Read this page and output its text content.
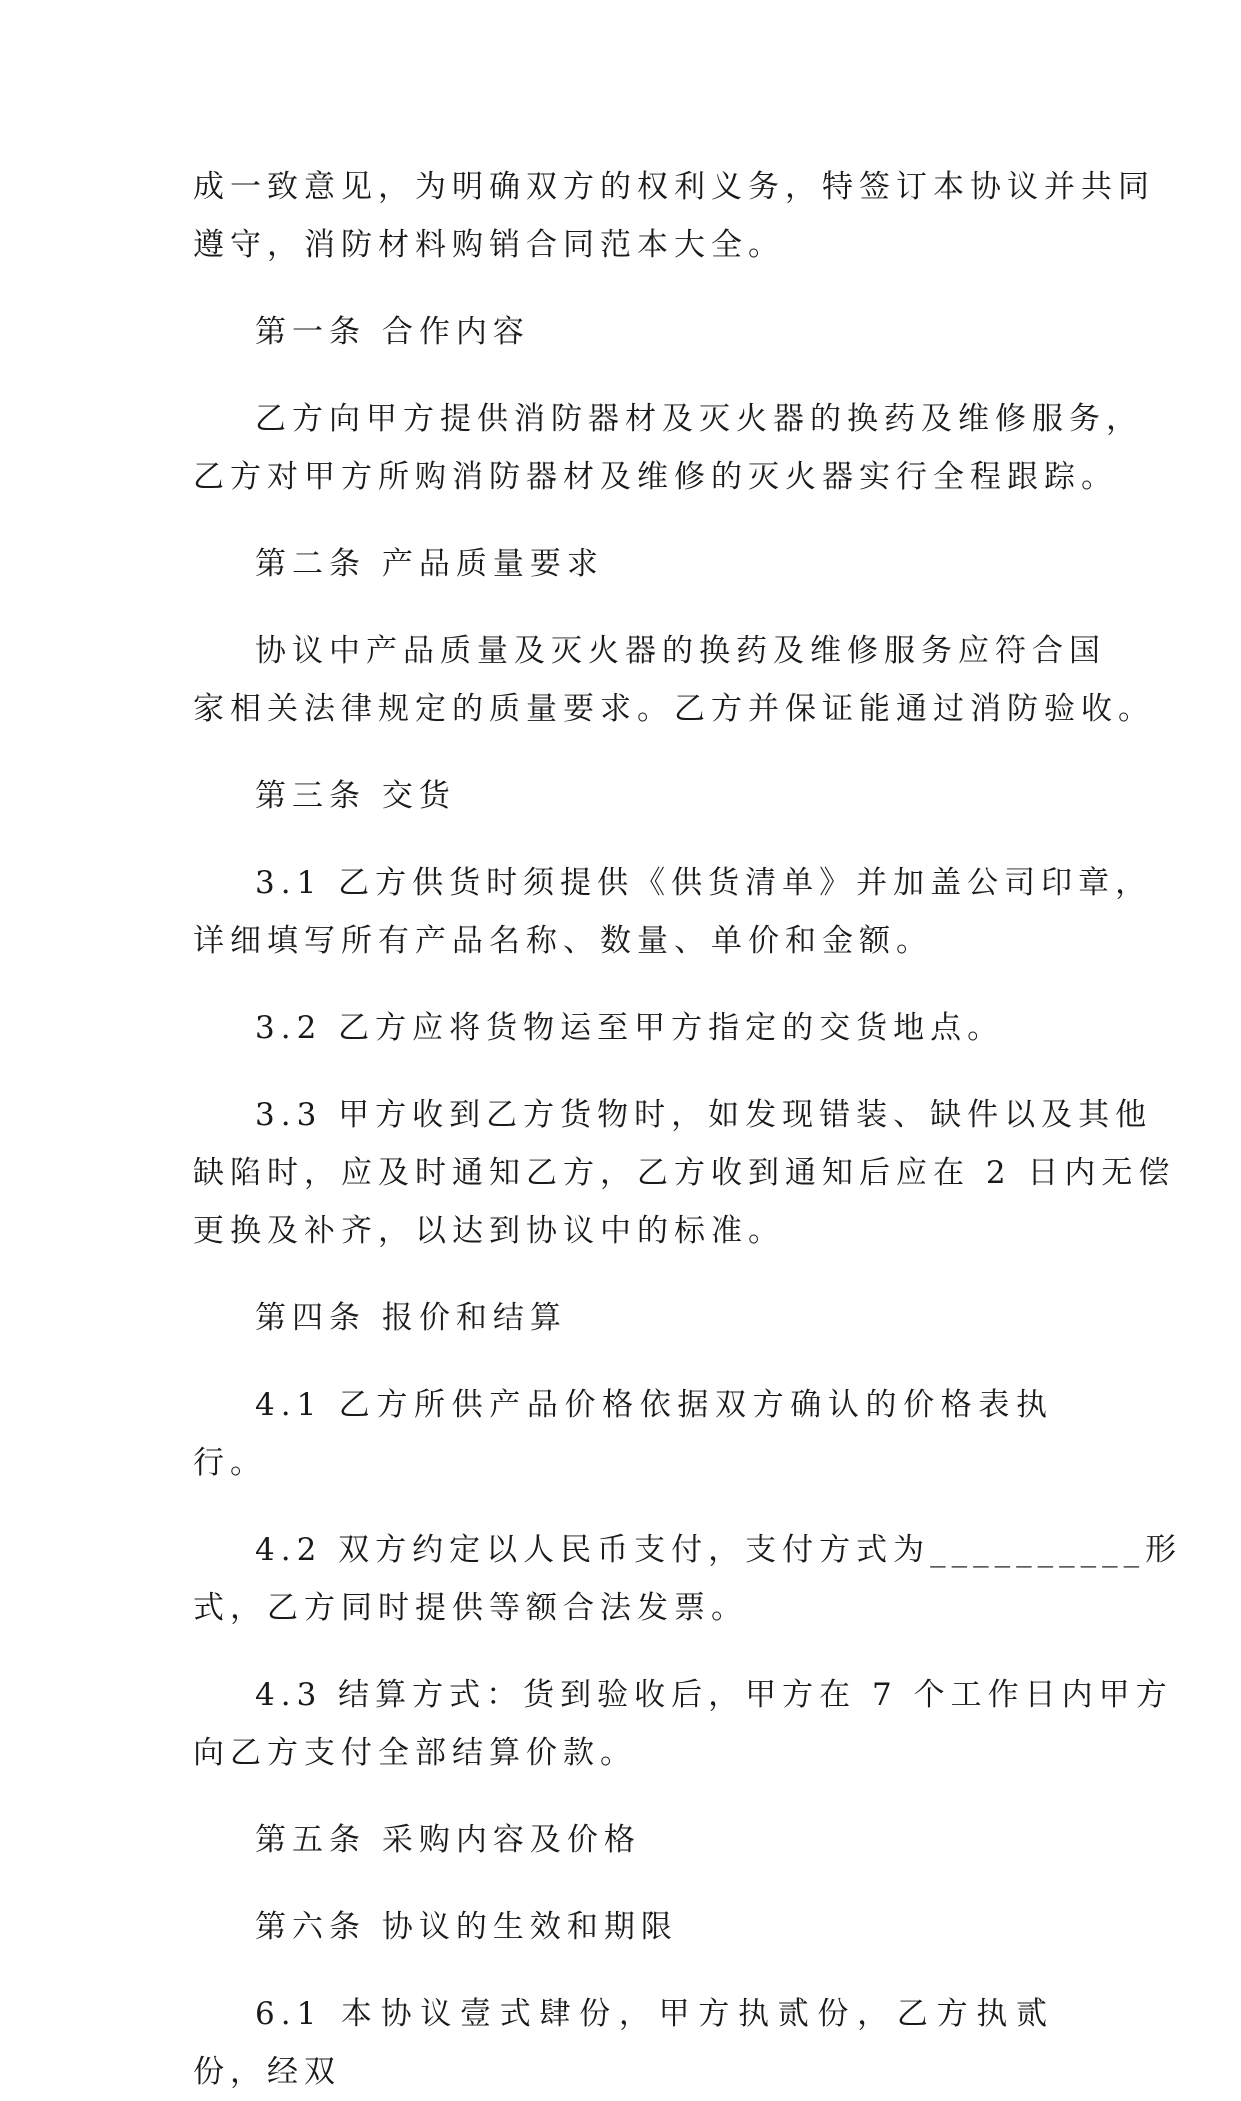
成一致意见，为明确双方的权利义务，特签订本协议并共同
遵守，消防材料购销合同范本大全。

第一条 合作内容

乙方向甲方提供消防器材及灭火器的换药及维修服务，
乙方对甲方所购消防器材及维修的灭火器实行全程跟踪。

第二条 产品质量要求

协议中产品质量及灭火器的换药及维修服务应符合国
家相关法律规定的质量要求。乙方并保证能通过消防验收。

第三条 交货

3.1 乙方供货时须提供《供货清单》并加盖公司印章，
详细填写所有产品名称、数量、单价和金额。

3.2 乙方应将货物运至甲方指定的交货地点。

3.3 甲方收到乙方货物时，如发现错装、缺件以及其他
缺陷时，应及时通知乙方，乙方收到通知后应在 2 日内无偿
更换及补齐，以达到协议中的标准。

第四条 报价和结算

4.1 乙方所供产品价格依据双方确认的价格表执行。

4.2 双方约定以人民币支付，支付方式为__________形
式，乙方同时提供等额合法发票。

4.3 结算方式：货到验收后，甲方在 7 个工作日内甲方
向乙方支付全部结算价款。

第五条 采购内容及价格

第六条 协议的生效和期限

6.1 本协议壹式肆份，甲方执贰份，乙方执贰份，经双
